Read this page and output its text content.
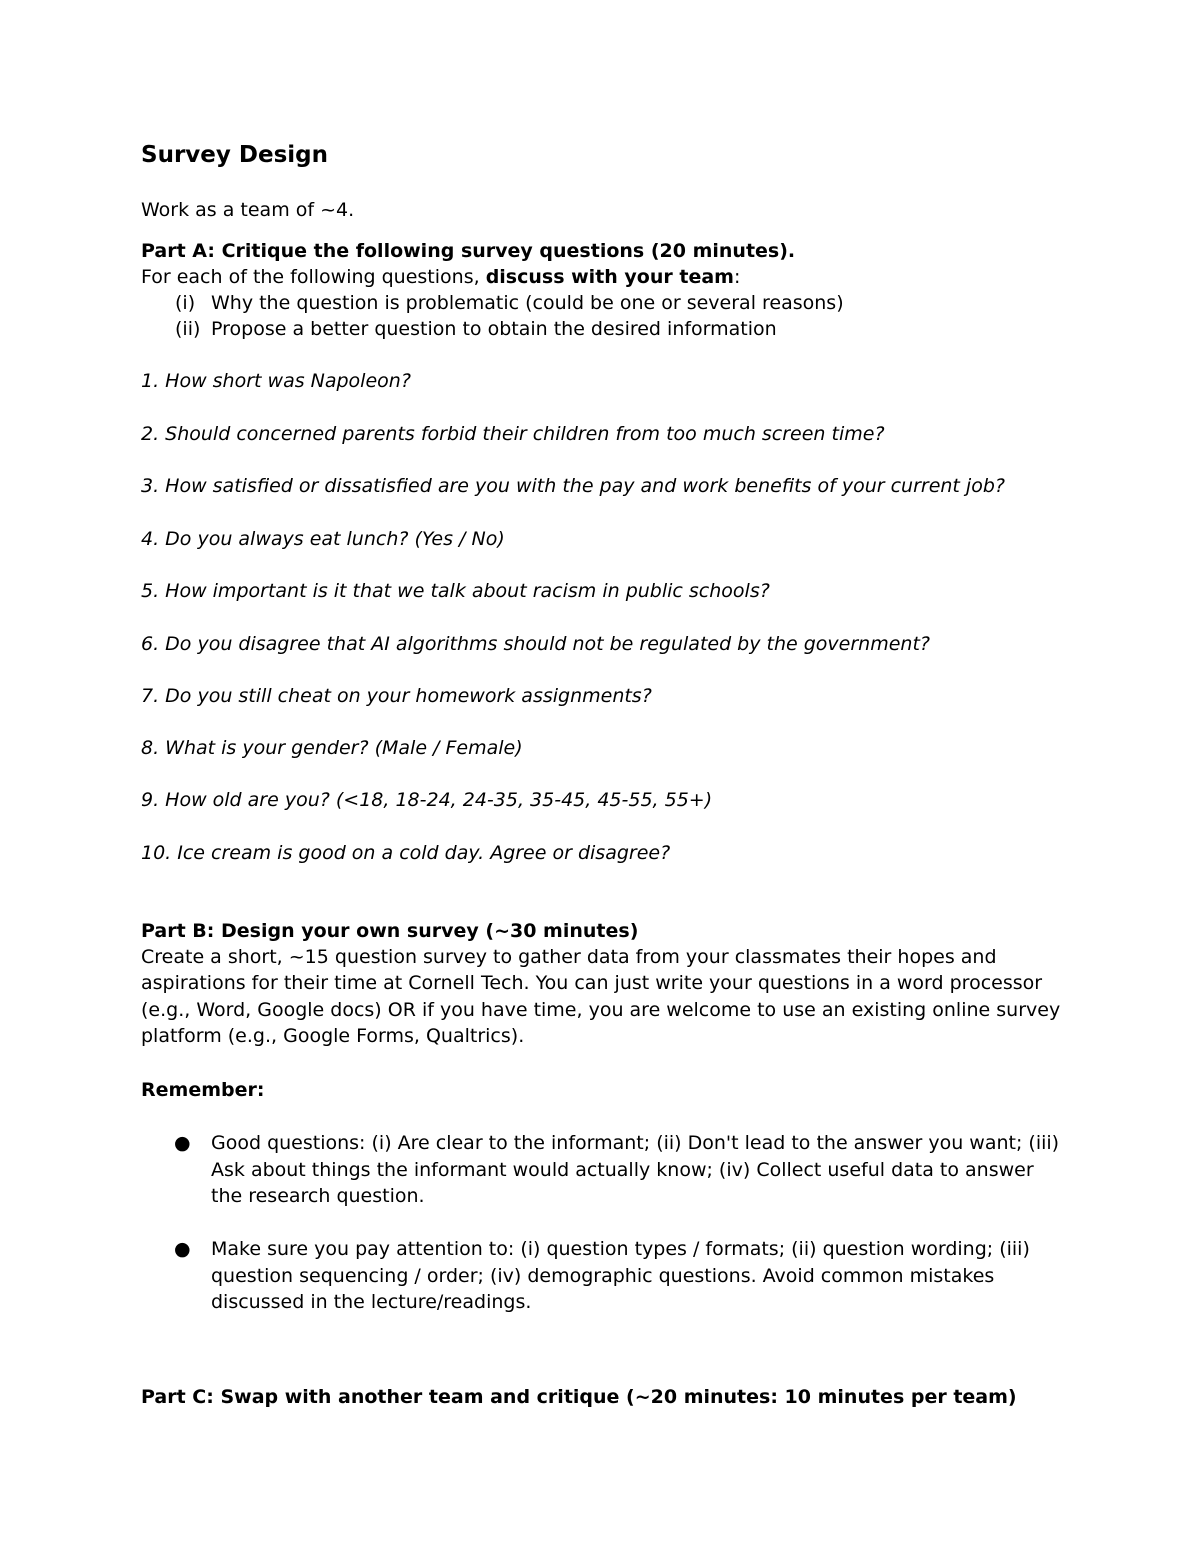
Survey Design
Work as a team of ~4.
Part A: Critique the following survey questions (20 minutes).
For each of the following questions, discuss with your team:
(i) Why the question is problematic (could be one or several reasons)
(ii) Propose a better question to obtain the desired information
1. How short was Napoleon?
2. Should concerned parents forbid their children from too much screen time?
3. How satisfied or dissatisfied are you with the pay and work benefits of your current job?
4. Do you always eat lunch? (Yes / No)
5. How important is it that we talk about racism in public schools?
6. Do you disagree that AI algorithms should not be regulated by the government?
7. Do you still cheat on your homework assignments?
8. What is your gender? (Male / Female)
9. How old are you? (<18, 18-24, 24-35, 35-45, 45-55, 55+)
10. Ice cream is good on a cold day. Agree or disagree?
Part B: Design your own survey (~30 minutes)
Create a short, ~15 question survey to gather data from your classmates their hopes and aspirations for their time at Cornell Tech. You can just write your questions in a word processor (e.g., Word, Google docs) OR if you have time, you are welcome to use an existing online survey platform (e.g., Google Forms, Qualtrics).
Remember:
● Good questions: (i) Are clear to the informant; (ii) Don't lead to the answer you want; (iii) Ask about things the informant would actually know; (iv) Collect useful data to answer the research question.
● Make sure you pay attention to: (i) question types / formats; (ii) question wording; (iii) question sequencing / order; (iv) demographic questions. Avoid common mistakes discussed in the lecture/readings.
Part C: Swap with another team and critique (~20 minutes: 10 minutes per team)
